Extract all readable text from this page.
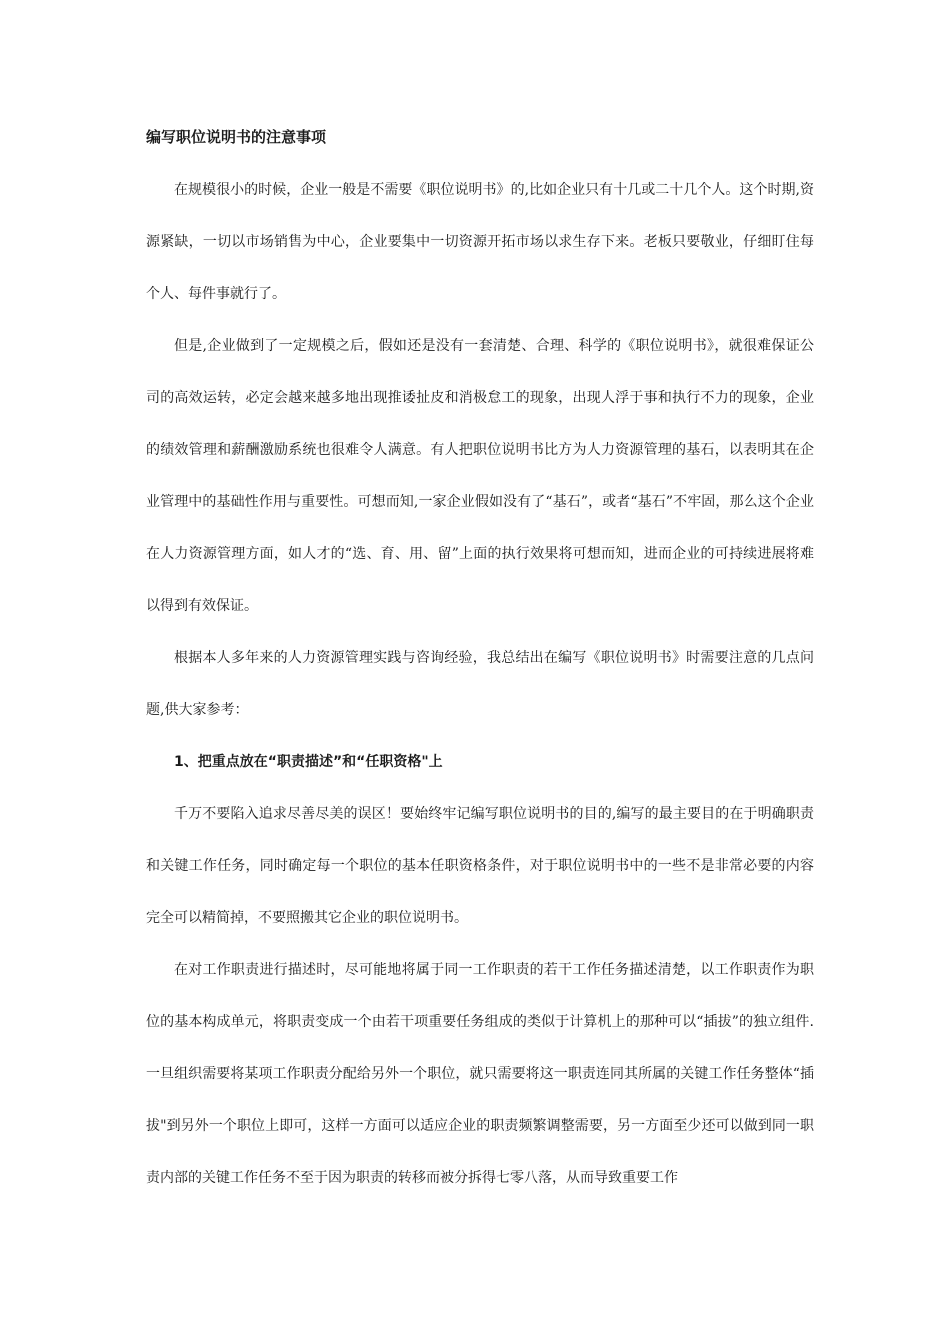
编写职位说明书的注意事项

在规模很小的时候，企业一般是不需要《职位说明书》的,比如企业只有十几或二十几个人。这个时期,资源紧缺，一切以市场销售为中心，企业要集中一切资源开拓市场以求生存下来。老板只要敬业，仔细盯住每个人、每件事就行了。

但是,企业做到了一定规模之后，假如还是没有一套清楚、合理、科学的《职位说明书》，就很难保证公司的高效运转，必定会越来越多地出现推诿扯皮和消极怠工的现象，出现人浮于事和执行不力的现象，企业的绩效管理和薪酬激励系统也很难令人满意。有人把职位说明书比方为人力资源管理的基石，以表明其在企业管理中的基础性作用与重要性。可想而知,一家企业假如没有了“基石”，或者“基石”不牢固，那么这个企业在人力资源管理方面，如人才的“选、育、用、留”上面的执行效果将可想而知，进而企业的可持续进展将难以得到有效保证。

根据本人多年来的人力资源管理实践与咨询经验，我总结出在编写《职位说明书》时需要注意的几点问题,供大家参考：

1、把重点放在“职责描述”和“任职资格"上

千万不要陷入追求尽善尽美的误区！要始终牢记编写职位说明书的目的,编写的最主要目的在于明确职责和关键工作任务，同时确定每一个职位的基本任职资格条件，对于职位说明书中的一些不是非常必要的内容完全可以精简掉，不要照搬其它企业的职位说明书。

在对工作职责进行描述时，尽可能地将属于同一工作职责的若干工作任务描述清楚，以工作职责作为职位的基本构成单元，将职责变成一个由若干项重要任务组成的类似于计算机上的那种可以“插拔”的独立组件.一旦组织需要将某项工作职责分配给另外一个职位，就只需要将这一职责连同其所属的关键工作任务整体“插拔"到另外一个职位上即可，这样一方面可以适应企业的职责频繁调整需要，另一方面至少还可以做到同一职责内部的关键工作任务不至于因为职责的转移而被分拆得七零八落，从而导致重要工作
